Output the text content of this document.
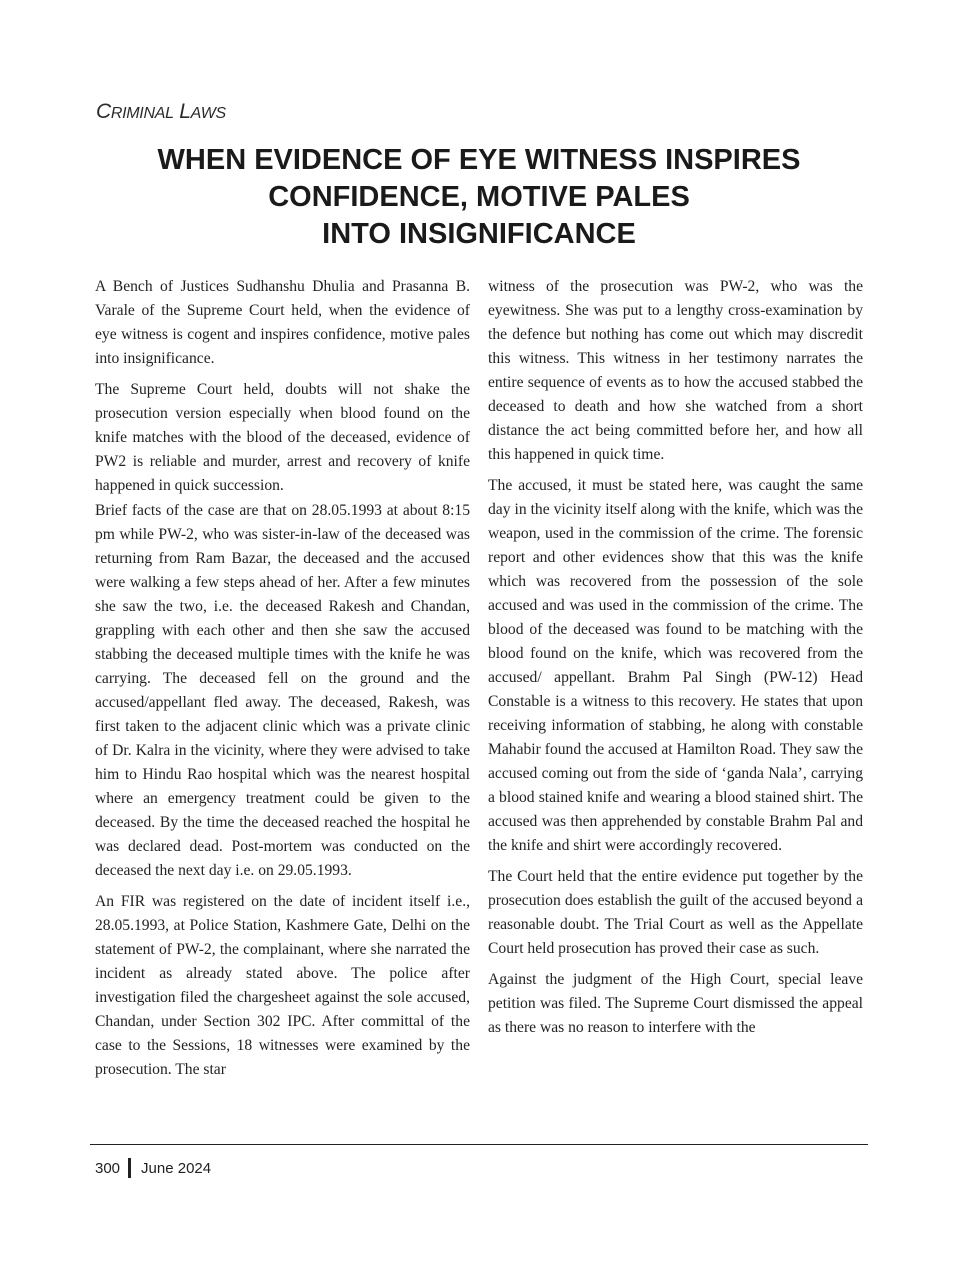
CRIMINAL LAWS
WHEN EVIDENCE OF EYE WITNESS INSPIRES
CONFIDENCE, MOTIVE PALES
INTO INSIGNIFICANCE

A Bench of Justices Sudhanshu Dhulia and Prasanna B. Varale of the Supreme Court held, when the evidence of eye witness is cogent and inspires confidence, motive pales into insignificance.

The Supreme Court held, doubts will not shake the prosecution version especially when blood found on the knife matches with the blood of the deceased, evidence of PW2 is reliable and murder, arrest and recovery of knife happened in quick succession.

Brief facts of the case are that on 28.05.1993 at about 8:15 pm while PW-2, who was sister-in-law of the deceased was returning from Ram Bazar, the deceased and the accused were walking a few steps ahead of her. After a few minutes she saw the two, i.e. the deceased Rakesh and Chandan, grappling with each other and then she saw the accused stabbing the deceased multiple times with the knife he was carrying. The deceased fell on the ground and the accused/appellant fled away. The deceased, Rakesh, was first taken to the adjacent clinic which was a private clinic of Dr. Kalra in the vicinity, where they were advised to take him to Hindu Rao hospital which was the nearest hospital where an emergency treatment could be given to the deceased. By the time the deceased reached the hospital he was declared dead. Post-mortem was conducted on the deceased the next day i.e. on 29.05.1993.

An FIR was registered on the date of incident itself i.e., 28.05.1993, at Police Station, Kashmere Gate, Delhi on the statement of PW-2, the complainant, where she narrated the incident as already stated above. The police after investigation filed the chargesheet against the sole accused, Chandan, under Section 302 IPC. After committal of the case to the Sessions, 18 witnesses were examined by the prosecution. The star

witness of the prosecution was PW-2, who was the eyewitness. She was put to a lengthy cross-examination by the defence but nothing has come out which may discredit this witness. This witness in her testimony narrates the entire sequence of events as to how the accused stabbed the deceased to death and how she watched from a short distance the act being committed before her, and how all this happened in quick time.

The accused, it must be stated here, was caught the same day in the vicinity itself along with the knife, which was the weapon, used in the commission of the crime. The forensic report and other evidences show that this was the knife which was recovered from the possession of the sole accused and was used in the commission of the crime. The blood of the deceased was found to be matching with the blood found on the knife, which was recovered from the accused/ appellant. Brahm Pal Singh (PW-12) Head Constable is a witness to this recovery. He states that upon receiving information of stabbing, he along with constable Mahabir found the accused at Hamilton Road. They saw the accused coming out from the side of ‘ganda Nala’, carrying a blood stained knife and wearing a blood stained shirt. The accused was then apprehended by constable Brahm Pal and the knife and shirt were accordingly recovered.

The Court held that the entire evidence put together by the prosecution does establish the guilt of the accused beyond a reasonable doubt. The Trial Court as well as the Appellate Court held prosecution has proved their case as such.

Against the judgment of the High Court, special leave petition was filed. The Supreme Court dismissed the appeal as there was no reason to interfere with the

300 June 2024
